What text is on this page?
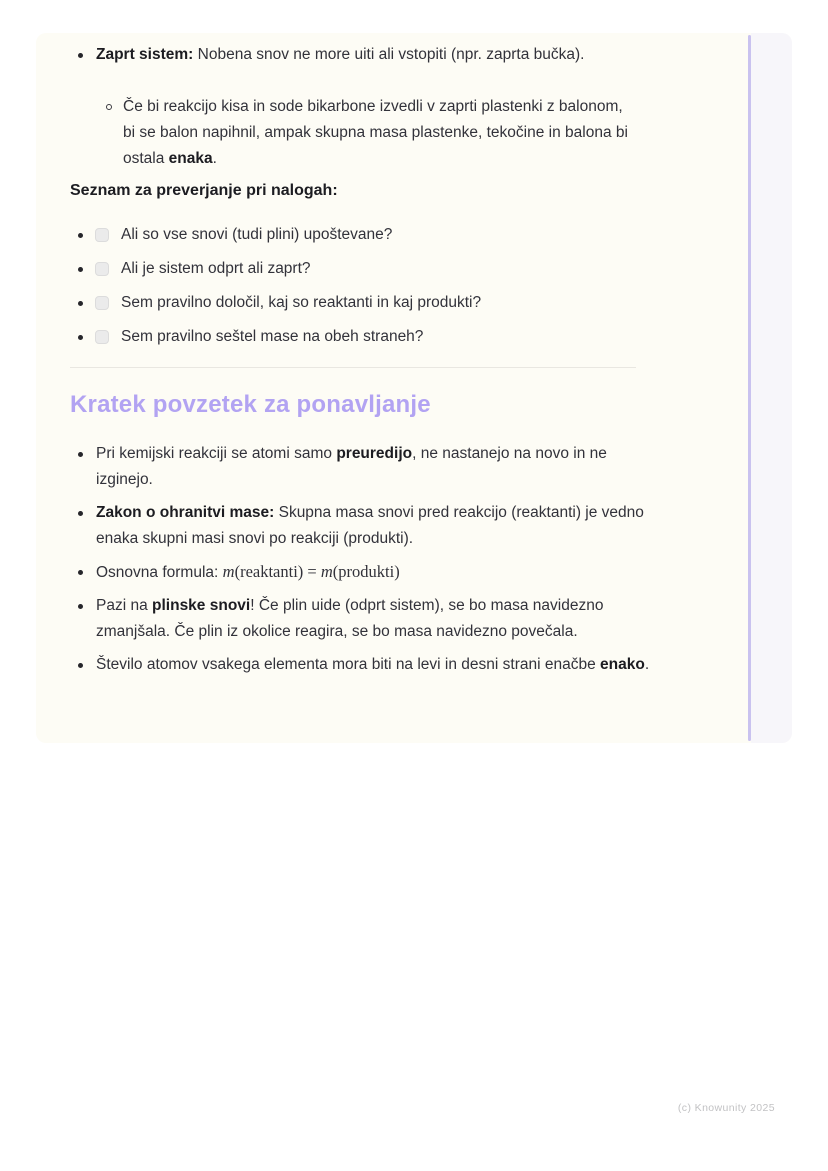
Zaprt sistem: Nobena snov ne more uiti ali vstopiti (npr. zaprta bučka).
Če bi reakcijo kisa in sode bikarbone izvedli v zaprti plastenki z balonom, bi se balon napihnil, ampak skupna masa plastenke, tekočine in balona bi ostala enaka.
Seznam za preverjanje pri nalogah:
Ali so vse snovi (tudi plini) upoštevane?
Ali je sistem odprt ali zaprt?
Sem pravilno določil, kaj so reaktanti in kaj produkti?
Sem pravilno seštel mase na obeh straneh?
Kratek povzetek za ponavljanje
Pri kemijski reakciji se atomi samo preuredijo, ne nastanejo na novo in ne izginejo.
Zakon o ohranitvi mase: Skupna masa snovi pred reakcijo (reaktanti) je vedno enaka skupni masi snovi po reakciji (produkti).
Osnovna formula: m(reaktanti) = m(produkti)
Pazi na plinske snovi! Če plin uide (odprt sistem), se bo masa navidezno zmanjšala. Če plin iz okolice reagira, se bo masa navidezno povečala.
Število atomov vsakega elementa mora biti na levi in desni strani enačbe enako.
(c) Knowunity 2025
